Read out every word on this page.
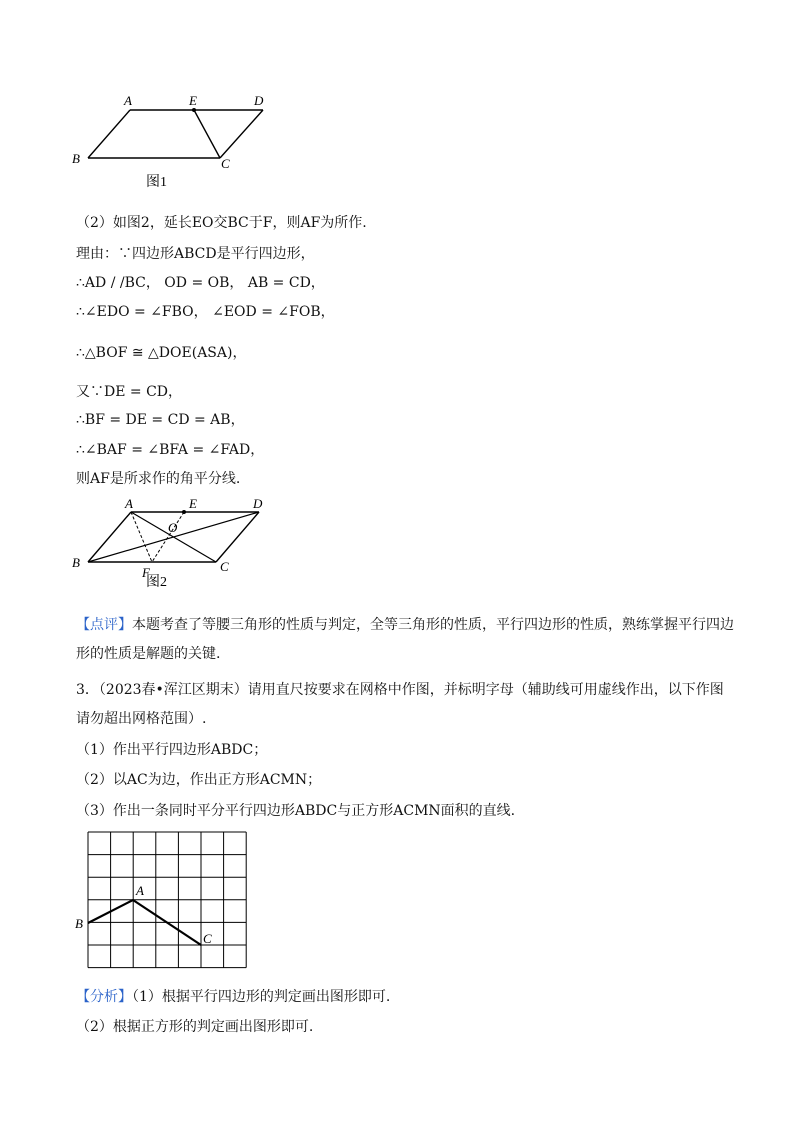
A	E	D
B	C
图1
（2）如图2，延长EO交BC于F，则AF为所作.
理由：∵四边形ABCD是平行四边形，
∴AD / /BC， OD = OB， AB = CD，
∴∠EDO = ∠FBO， ∠EOD = ∠FOB，
∴△BOF ≅ △DOE(ASA)，
又∵DE = CD，
∴BF = DE = CD = AB，
∴∠BAF = ∠BFA = ∠FAD，
则AF是所求作的角平分线.
A	E	D
O
B
F	C
图2
【点评】本题考查了等腰三角形的性质与判定，全等三角形的性质，平行四边形的性质，熟练掌握平行四边形的性质是解题的关键.
3．（2023春•浑江区期末）请用直尺按要求在网格中作图，并标明字母（辅助线可用虚线作出，以下作图请勿超出网格范围）.
（1）作出平行四边形ABDC；
（2）以AC为边，作出正方形ACMN；
（3）作出一条同时平分平行四边形ABDC与正方形ACMN面积的直线.
A
B
C
【分析】（1）根据平行四边形的判定画出图形即可.
（2）根据正方形的判定画出图形即可.
